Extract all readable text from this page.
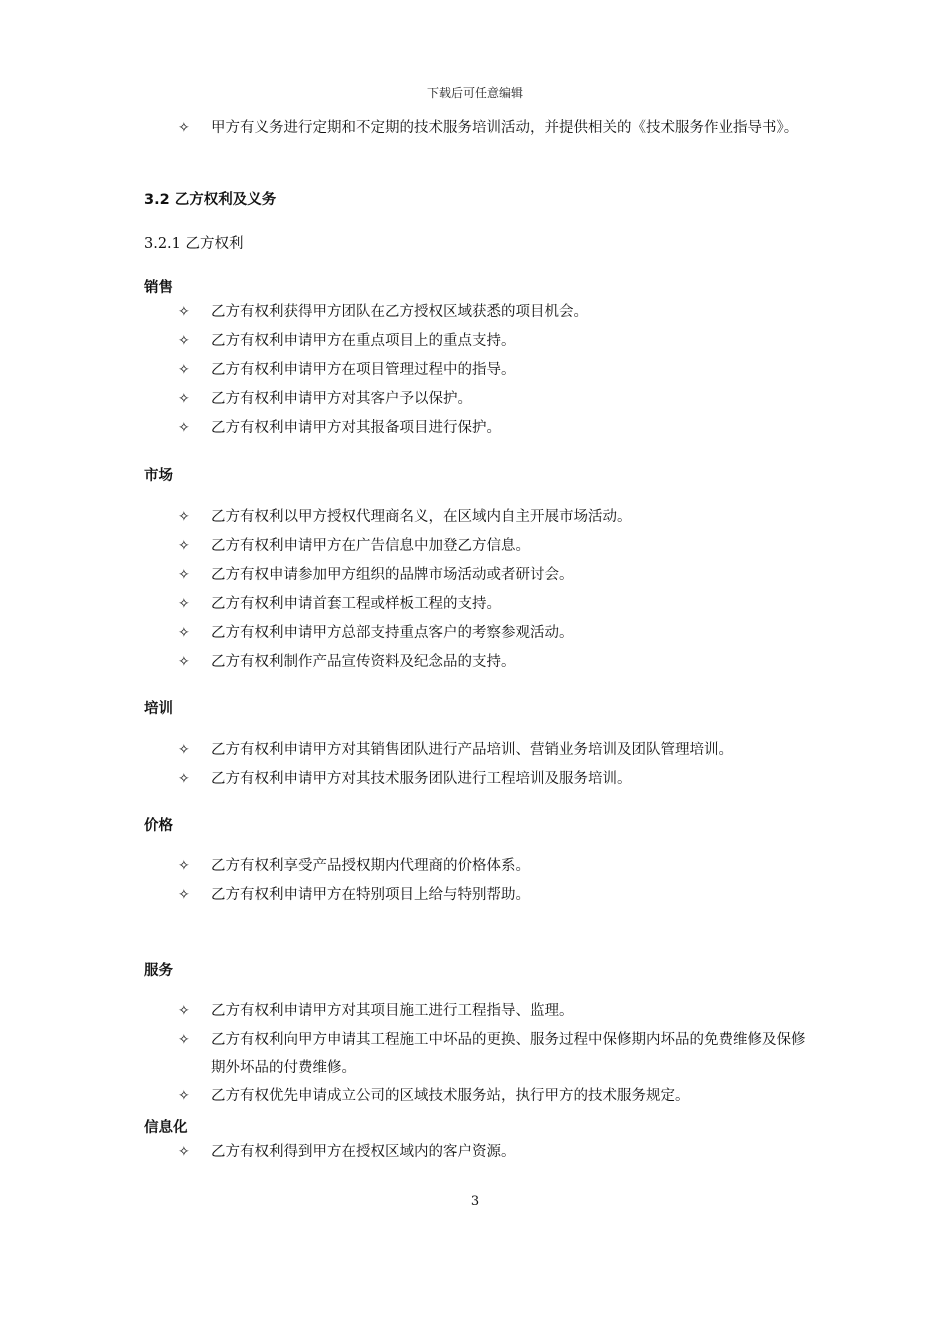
下载后可任意编辑
✧	甲方有义务进行定期和不定期的技术服务培训活动，并提供相关的《技术服务作业指导书》。
3.2 乙方权利及义务
3.2.1 乙方权利
销售
✧	乙方有权利获得甲方团队在乙方授权区域获悉的项目机会。
✧	乙方有权利申请甲方在重点项目上的重点支持。
✧	乙方有权利申请甲方在项目管理过程中的指导。
✧	乙方有权利申请甲方对其客户予以保护。
✧	乙方有权利申请甲方对其报备项目进行保护。
市场
✧	乙方有权利以甲方授权代理商名义，在区域内自主开展市场活动。
✧	乙方有权利申请甲方在广告信息中加登乙方信息。
✧	乙方有权申请参加甲方组织的品牌市场活动或者研讨会。
✧	乙方有权利申请首套工程或样板工程的支持。
✧	乙方有权利申请甲方总部支持重点客户的考察参观活动。
✧	乙方有权利制作产品宣传资料及纪念品的支持。
培训
✧	乙方有权利申请甲方对其销售团队进行产品培训、营销业务培训及团队管理培训。
✧	乙方有权利申请甲方对其技术服务团队进行工程培训及服务培训。
价格
✧	乙方有权利享受产品授权期内代理商的价格体系。
✧	乙方有权利申请甲方在特别项目上给与特别帮助。
服务
✧	乙方有权利申请甲方对其项目施工进行工程指导、监理。
✧	乙方有权利向甲方申请其工程施工中坏品的更换、服务过程中保修期内坏品的免费维修及保修期外坏品的付费维修。
✧	乙方有权优先申请成立公司的区域技术服务站，执行甲方的技术服务规定。
信息化
✧	乙方有权利得到甲方在授权区域内的客户资源。
3
